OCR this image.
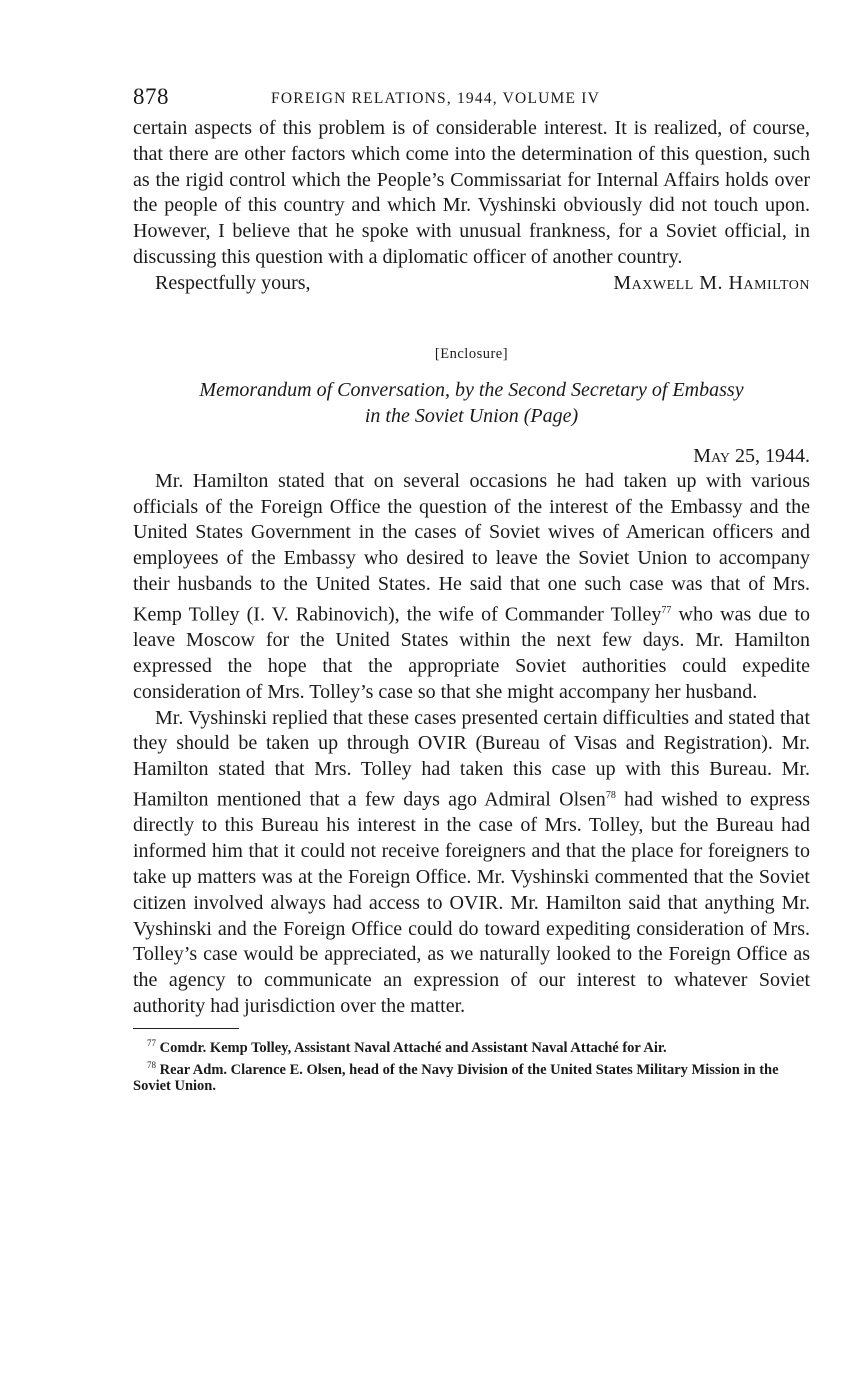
878	FOREIGN RELATIONS, 1944, VOLUME IV

certain aspects of this problem is of considerable interest. It is realized, of course, that there are other factors which come into the determination of this question, such as the rigid control which the People’s Commissariat for Internal Affairs holds over the people of this country and which Mr. Vyshinski obviously did not touch upon. However, I believe that he spoke with unusual frankness, for a Soviet official, in discussing this question with a diplomatic officer of another country.

Respectfully yours,	Maxwell M. Hamilton
[Enclosure]
Memorandum of Conversation, by the Second Secretary of Embassy
in the Soviet Union (Page)
May 25, 1944.

Mr. Hamilton stated that on several occasions he had taken up with various officials of the Foreign Office the question of the interest of the Embassy and the United States Government in the cases of Soviet wives of American officers and employees of the Embassy who desired to leave the Soviet Union to accompany their husbands to the United States. He said that one such case was that of Mrs. Kemp Tolley (I. V. Rabinovich), the wife of Commander Tolley$^{77}$ who was due to leave Moscow for the United States within the next few days. Mr. Hamilton expressed the hope that the appropriate Soviet authorities could expedite consideration of Mrs. Tolley’s case so that she might accompany her husband.

Mr. Vyshinski replied that these cases presented certain difficulties and stated that they should be taken up through OVIR (Bureau of Visas and Registration). Mr. Hamilton stated that Mrs. Tolley had taken this case up with this Bureau. Mr. Hamilton mentioned that a few days ago Admiral Olsen$^{78}$ had wished to express directly to this Bureau his interest in the case of Mrs. Tolley, but the Bureau had informed him that it could not receive foreigners and that the place for foreigners to take up matters was at the Foreign Office. Mr. Vyshinski commented that the Soviet citizen involved always had access to OVIR. Mr. Hamilton said that anything Mr. Vyshinski and the Foreign Office could do toward expediting consideration of Mrs. Tolley’s case would be appreciated, as we naturally looked to the Foreign Office as the agency to communicate an expression of our interest to whatever Soviet authority had jurisdiction over the matter.

$^{77}$ Comdr. Kemp Tolley, Assistant Naval Attaché and Assistant Naval Attaché for Air.

$^{78}$ Rear Adm. Clarence E. Olsen, head of the Navy Division of the United States Military Mission in the Soviet Union.
